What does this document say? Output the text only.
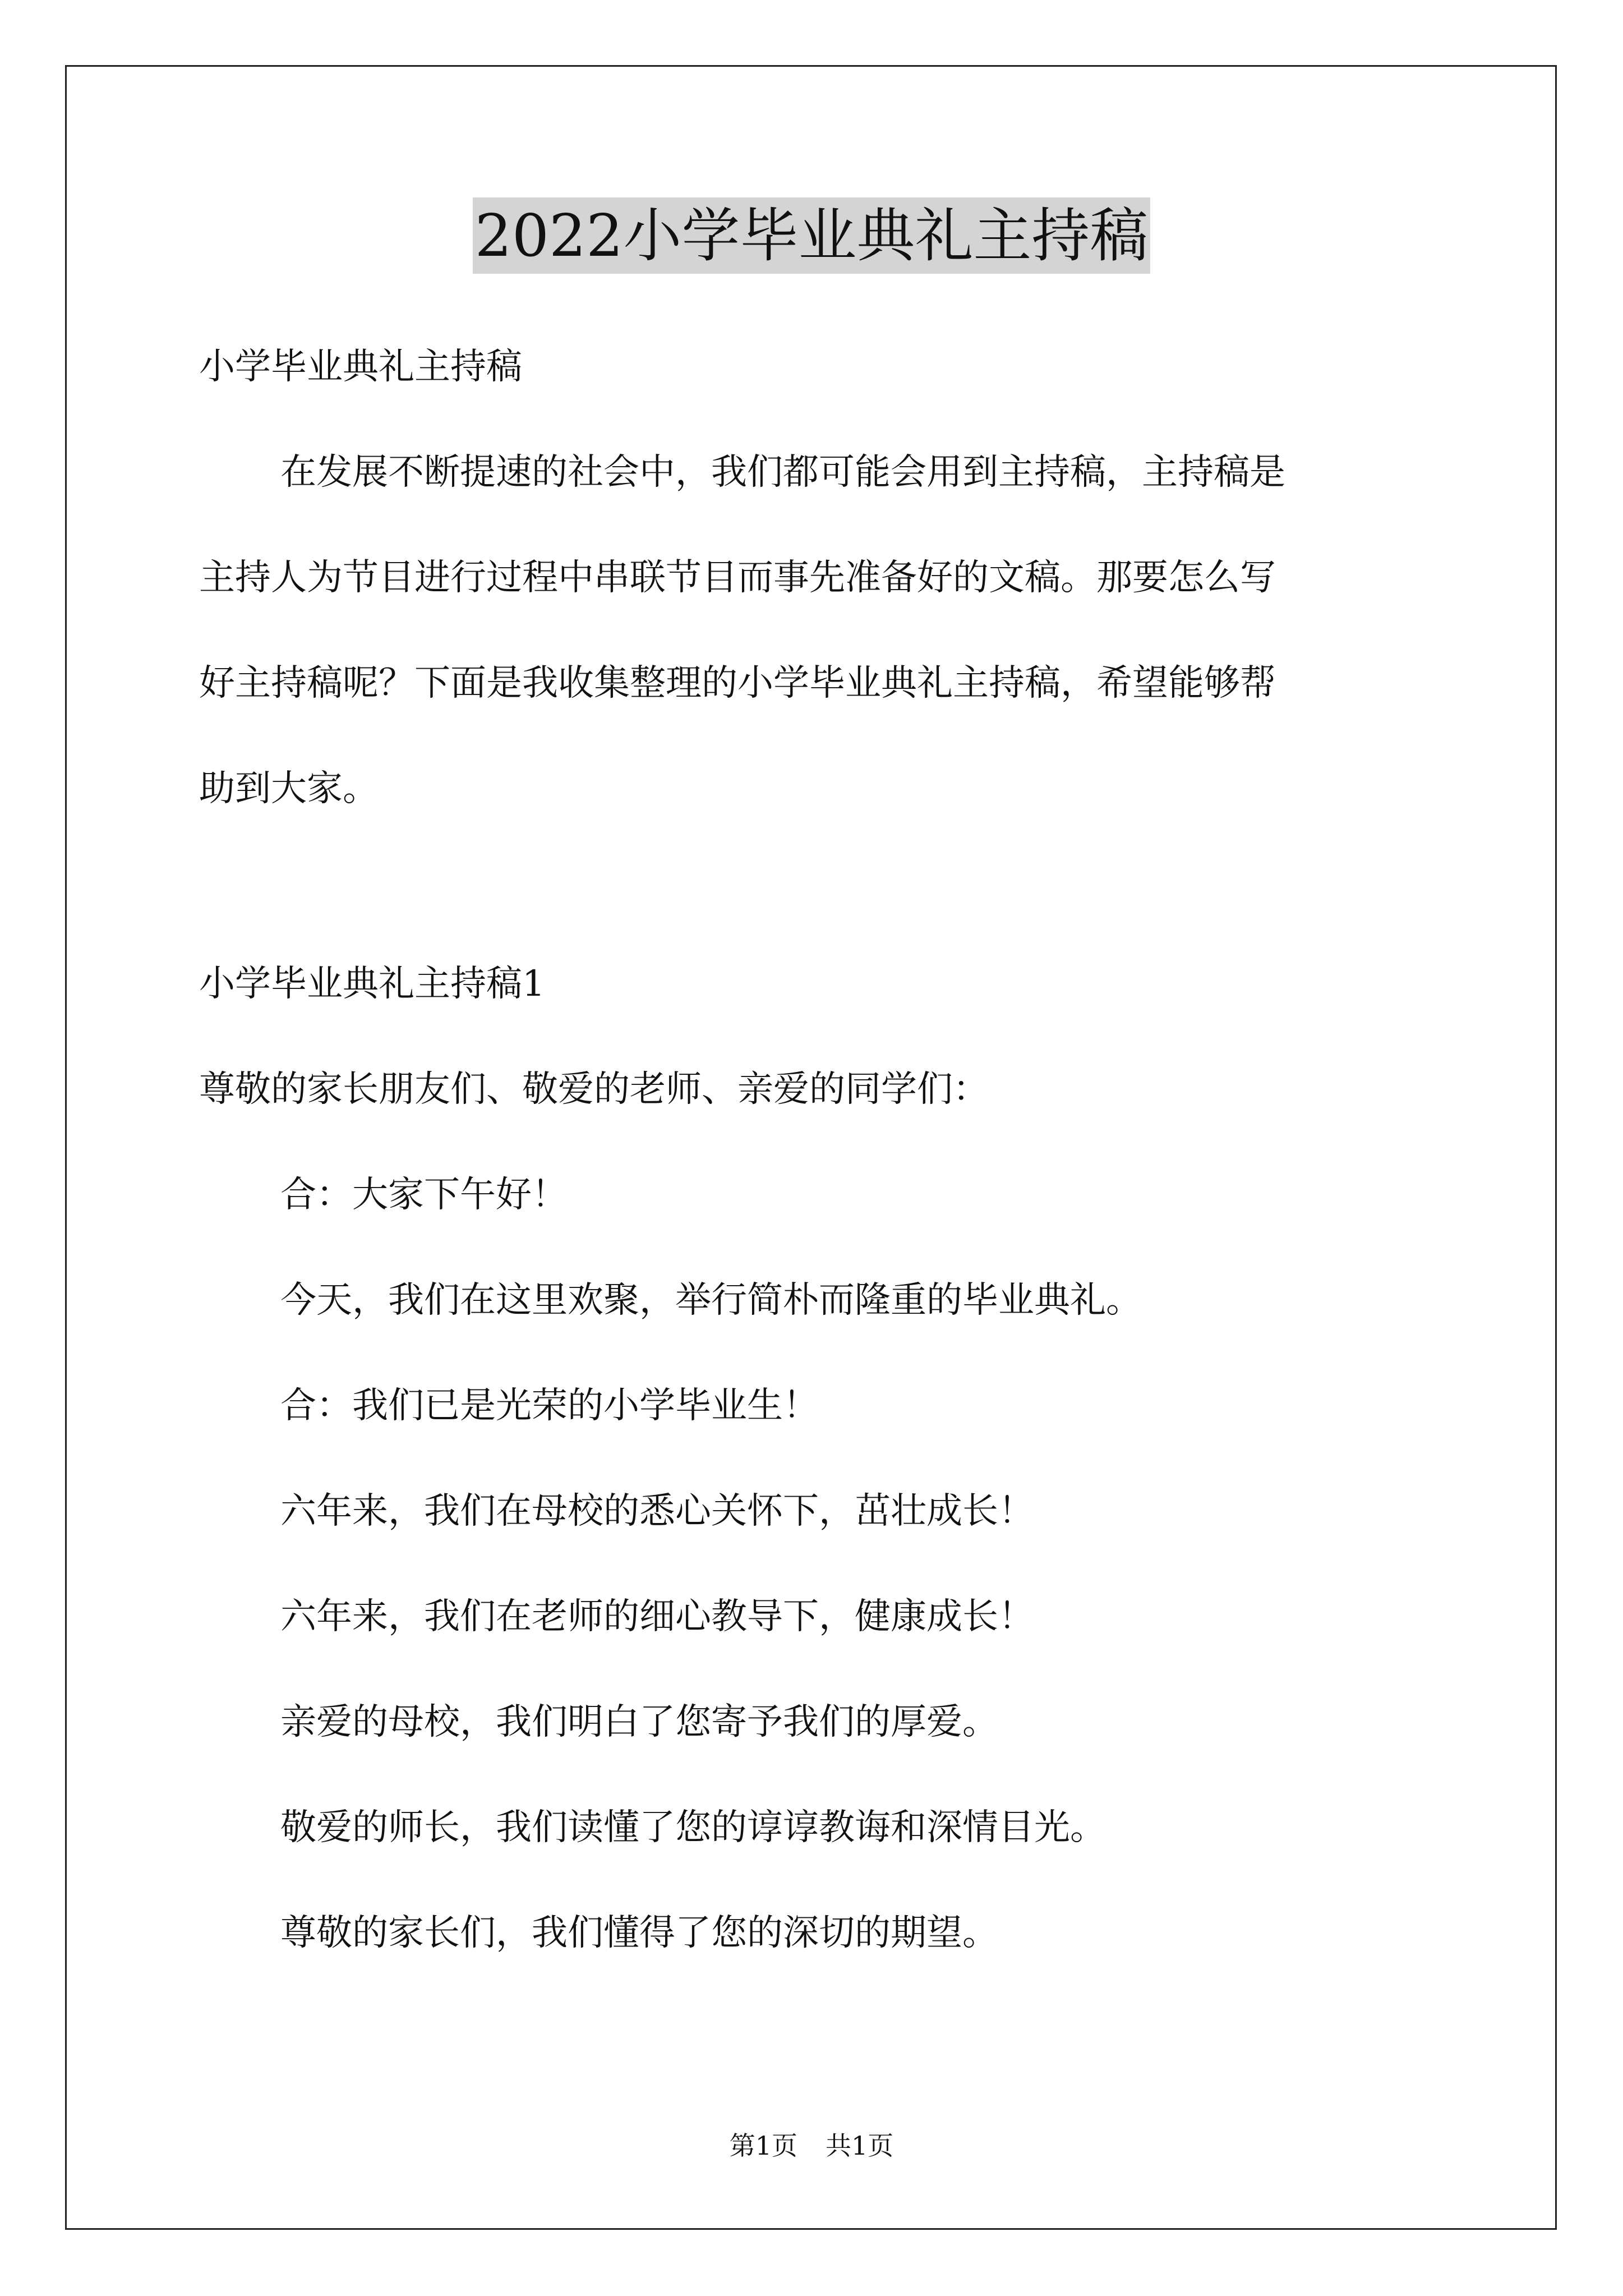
2022小学毕业典礼主持稿
小学毕业典礼主持稿
在发展不断提速的社会中，我们都可能会用到主持稿，主持稿是
主持人为节目进行过程中串联节目而事先准备好的文稿。那要怎么写
好主持稿呢？下面是我收集整理的小学毕业典礼主持稿，希望能够帮
助到大家。
小学毕业典礼主持稿1
尊敬的家长朋友们、敬爱的老师、亲爱的同学们：
合：大家下午好！
今天，我们在这里欢聚，举行简朴而隆重的毕业典礼。
合：我们已是光荣的小学毕业生！
六年来，我们在母校的悉心关怀下，茁壮成长！
六年来，我们在老师的细心教导下，健康成长！
亲爱的母校，我们明白了您寄予我们的厚爱。
敬爱的师长，我们读懂了您的谆谆教诲和深情目光。
尊敬的家长们，我们懂得了您的深切的期望。
第1页 共1页
